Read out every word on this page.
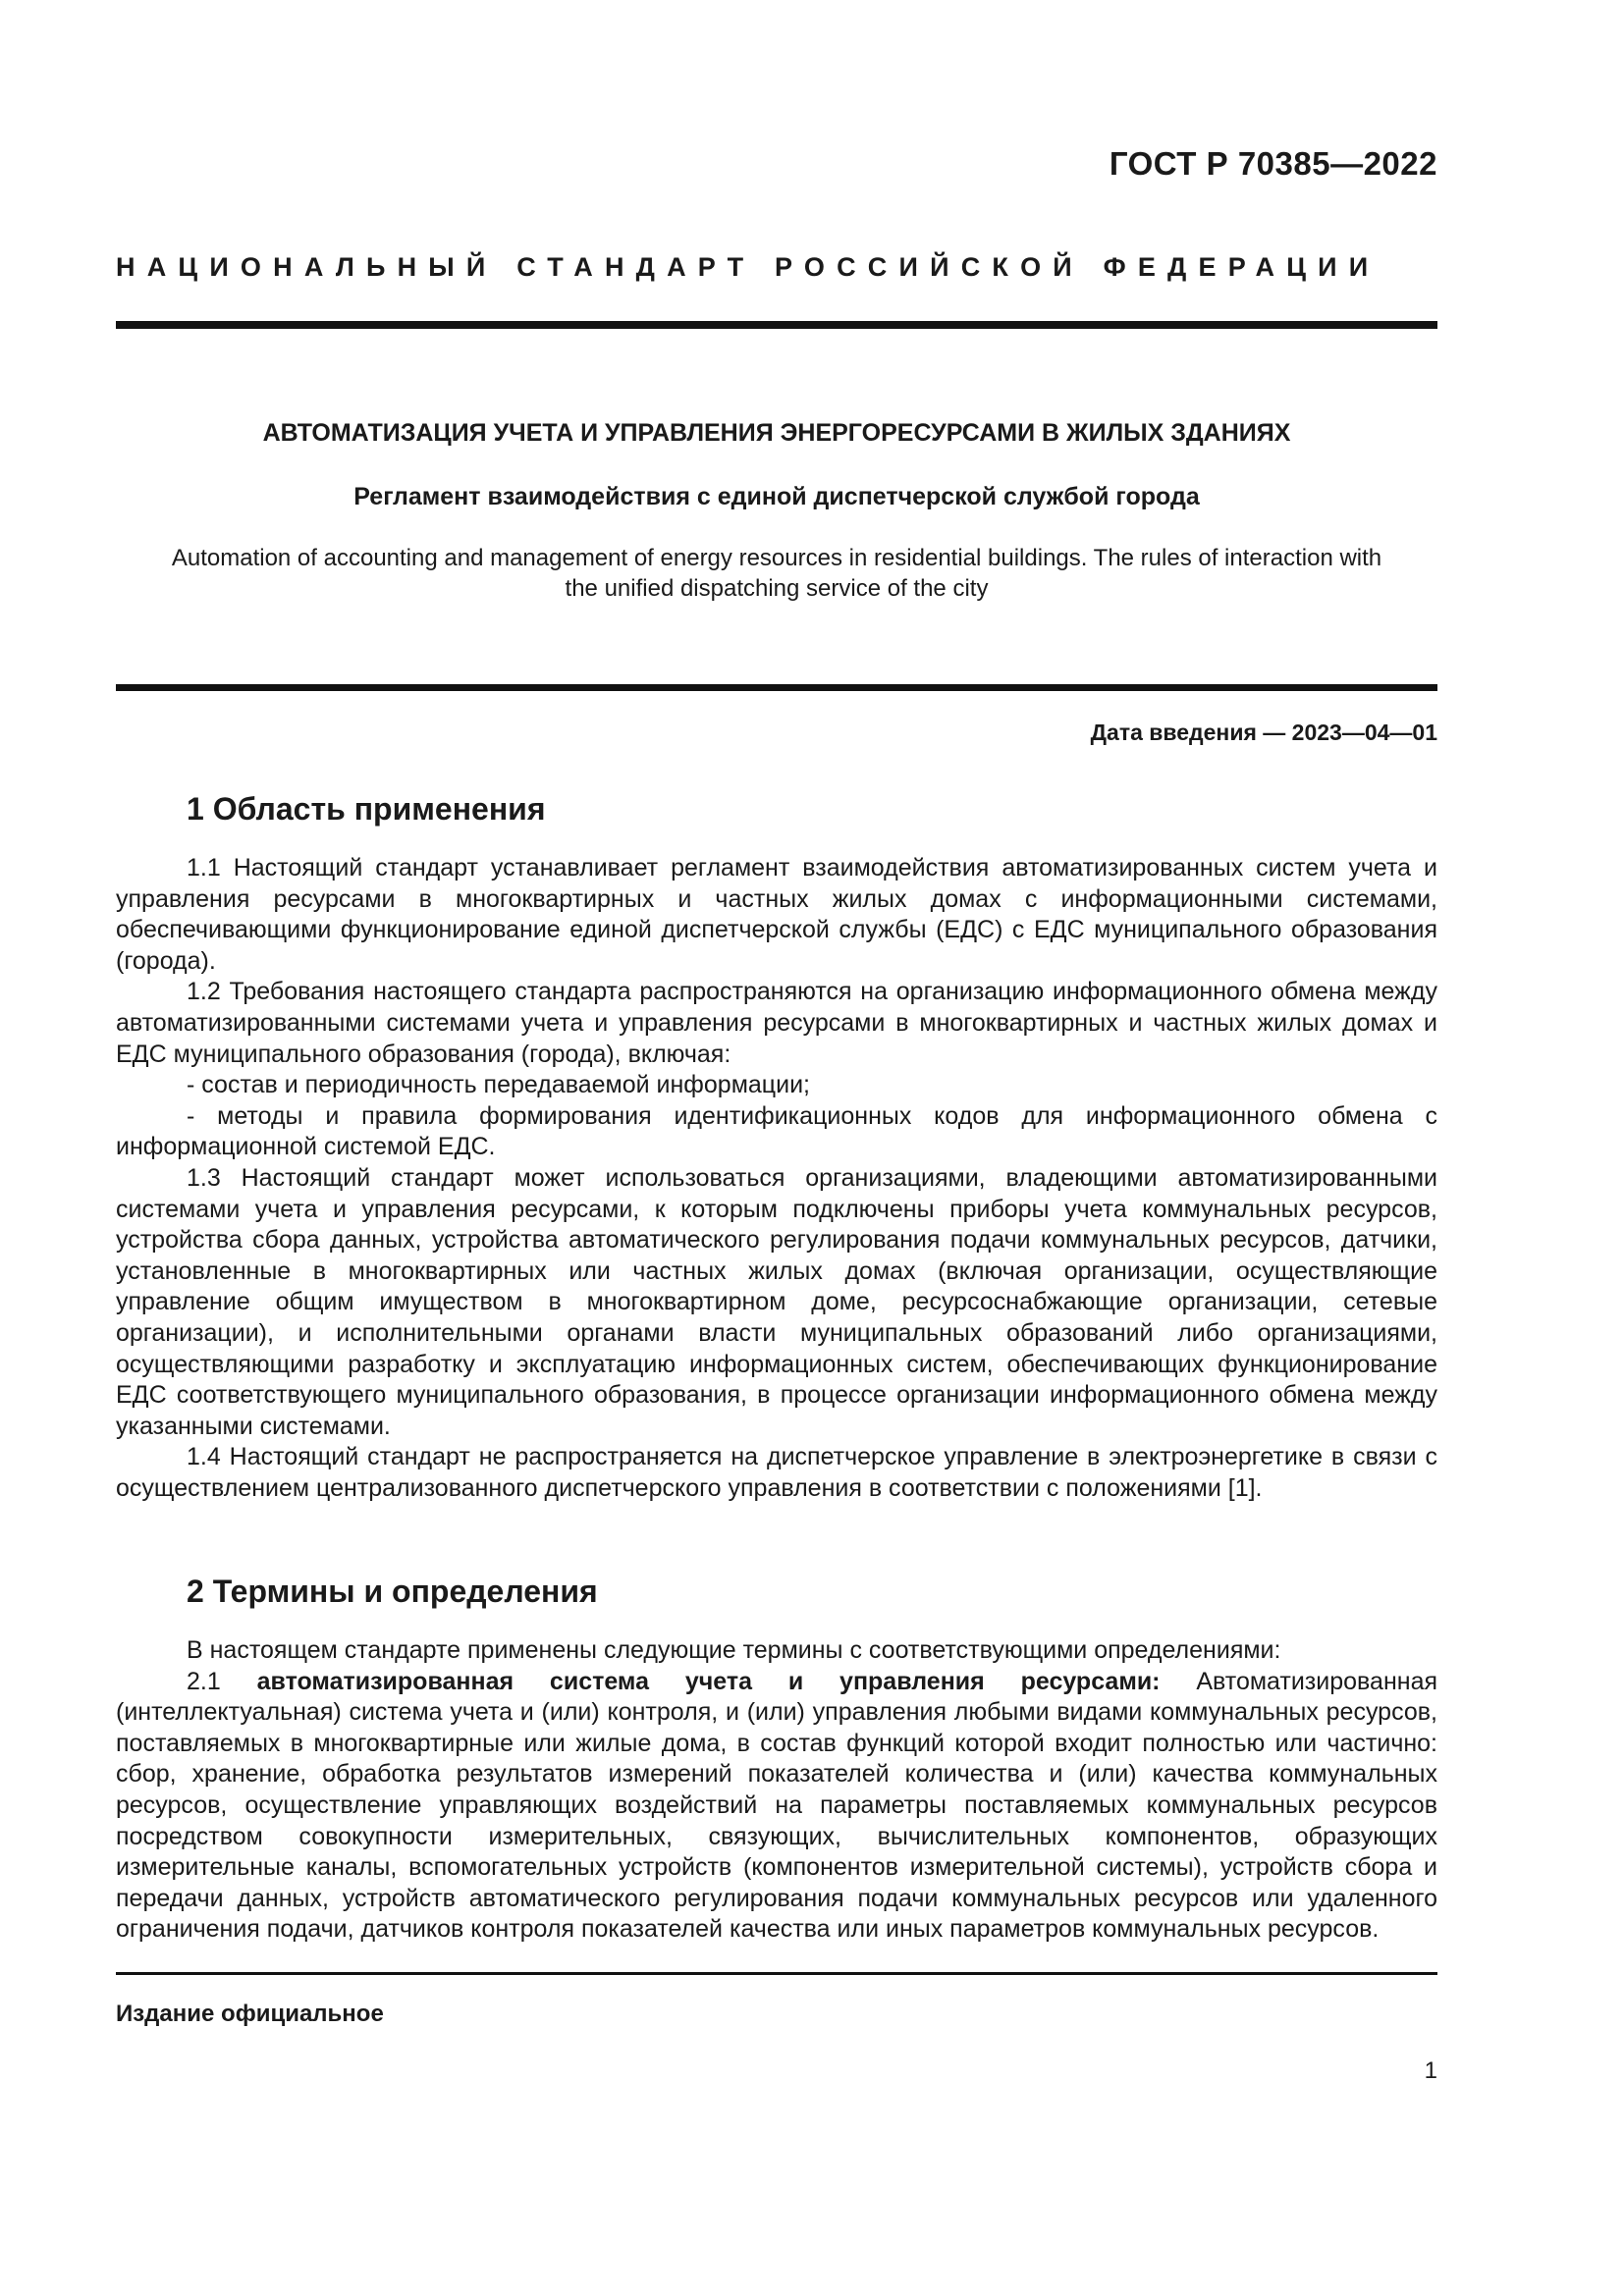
ГОСТ Р 70385—2022
НАЦИОНАЛЬНЫЙ СТАНДАРТ РОССИЙСКОЙ ФЕДЕРАЦИИ
АВТОМАТИЗАЦИЯ УЧЕТА И УПРАВЛЕНИЯ ЭНЕРГОРЕСУРСАМИ В ЖИЛЫХ ЗДАНИЯХ
Регламент взаимодействия с единой диспетчерской службой города
Automation of accounting and management of energy resources in residential buildings. The rules of interaction with
the unified dispatching service of the city
Дата введения — 2023—04—01
1 Область применения

1.1 Настоящий стандарт устанавливает регламент взаимодействия автоматизированных систем учета и управления ресурсами в многоквартирных и частных жилых домах с информационными системами, обеспечивающими функционирование единой диспетчерской службы (ЕДС) с ЕДС муниципального образования (города).

1.2 Требования настоящего стандарта распространяются на организацию информационного обмена между автоматизированными системами учета и управления ресурсами в многоквартирных и частных жилых домах и ЕДС муниципального образования (города), включая:

- состав и периодичность передаваемой информации;

- методы и правила формирования идентификационных кодов для информационного обмена с информационной системой ЕДС.

1.3 Настоящий стандарт может использоваться организациями, владеющими автоматизированными системами учета и управления ресурсами, к которым подключены приборы учета коммунальных ресурсов, устройства сбора данных, устройства автоматического регулирования подачи коммунальных ресурсов, датчики, установленные в многоквартирных или частных жилых домах (включая организации, осуществляющие управление общим имуществом в многоквартирном доме, ресурсоснабжающие организации, сетевые организации), и исполнительными органами власти муниципальных образований либо организациями, осуществляющими разработку и эксплуатацию информационных систем, обеспечивающих функционирование ЕДС соответствующего муниципального образования, в процессе организации информационного обмена между указанными системами.

1.4 Настоящий стандарт не распространяется на диспетчерское управление в электроэнергетике в связи с осуществлением централизованного диспетчерского управления в соответствии с положениями [1].

2 Термины и определения

В настоящем стандарте применены следующие термины с соответствующими определениями:

2.1 автоматизированная система учета и управления ресурсами: Автоматизированная (интеллектуальная) система учета и (или) контроля, и (или) управления любыми видами коммунальных ресурсов, поставляемых в многоквартирные или жилые дома, в состав функций которой входит полностью или частично: сбор, хранение, обработка результатов измерений показателей количества и (или) качества коммунальных ресурсов, осуществление управляющих воздействий на параметры поставляемых коммунальных ресурсов посредством совокупности измерительных, связующих, вычислительных компонентов, образующих измерительные каналы, вспомогательных устройств (компонентов измерительной системы), устройств сбора и передачи данных, устройств автоматического регулирования подачи коммунальных ресурсов или удаленного ограничения подачи, датчиков контроля показателей качества или иных параметров коммунальных ресурсов.

Издание официальное
1
